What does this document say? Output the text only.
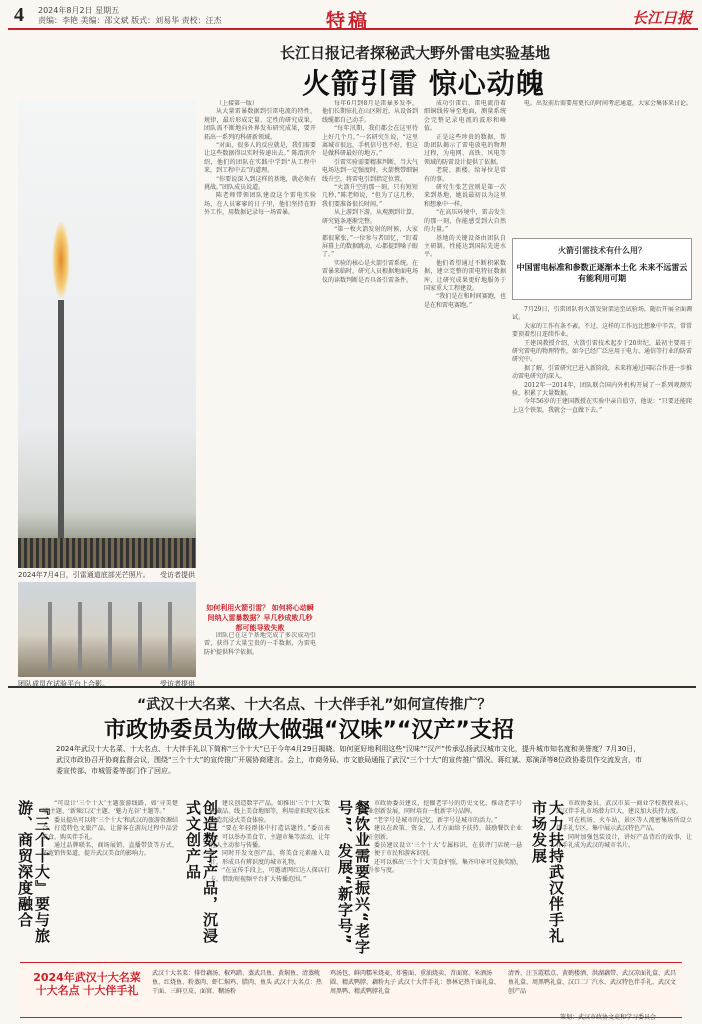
4 2024年8月2日 星期五
责编：李艳 美编：邵文斌 版式：刘易华 责校：汪杰	特稿	长江日报
长江日报记者探秘武大野外雷电实验基地
火箭引雷 惊心动魄
2024年7月4日，引雷通道底部光芒照片。 受访者提供
团队成员在试验平台上合影。	受访者提供

（上接第一版）

从大量雷暴数据到引雷电流的特性、规律，最后形成定量、定性的研究成果，团队需不断地向外界发布研究成果，要开拓出一系列的科研新领域。

“对面，很多人的反应就是，我们需要让这些数据得以实时传递出去。” 陈渭滨介绍，他们的团队在实践中学到“从工程中来，到工程中去”的道理。

“你要说深入到这样的基地，就必须有挑战。”团队成员说道。

陈老师带领团队建设这个雷电实验场，在人员寥寥的日子里，他们坚持在野外工作，用数据记录每一场雷暴。

如何利用火箭引雷？ 如何将心动瞬间纳入雷暴数据？早几秒成败几秒都可能导致失败

团队已在这个基地完成了多次成功引雷，获得了大量宝贵的一手数据，为雷电防护提供科学依据。

每年6月到8月是雷暴多发季，他们长期驻扎在山区附近，从设备到线缆都自己动手。

“每年汛期，我们都会在这里待上好几个月，”一名研究生说，“这里离城市很远，手机信号也不好，但这是做科研最好的地方。”

引雷实验需要精准判断，当大气电场达到一定强度时，火箭携带细铜线升空，将雷电引到指定位置。

“火箭升空的那一刻，只有短短几秒，”陈老师说，“但为了这几秒，我们要准备很长时间。”

从上游到下游，从观测到计算，研究链条逐渐完整。

“第一枚火箭发射的时候，大家都很紧张，”一位参与者回忆，“盯着屏幕上的数据跳动，心都提到嗓子眼了。”

实验的核心是火箭引雷系统。在雷暴来临时，研究人员根据地面电场仪的读数判断是否具备引雷条件。

成功引雷后，雷电流沿着细铜线传导至地面，测量系统会完整记录电流的波形和峰值。

正是这些珍贵的数据，帮助团队揭示了雷电放电的物理过程，为电网、高铁、风电等领域的防雷设计提供了依据。

老院、新楼，给导位是常有的事。

研究生张艺萱则是第一次来到基地，她说最初以为这里和想象中一样。

“在高压环境中，雷击发生的那一刻，你能感受到大自然的力量。”

基地的关键设备由团队自主研制，性能达到国际先进水平。

他们希望通过不断积累数据，建立完整的雷电特征数据库，让研究成果更好地服务于国家重大工程建设。

“我们是在和时间赛跑，也是在和雷电赛跑。”

电。出发前后需要用更长的时间考虑通道，大家会集体来讨论。

火箭引雷技术有什么用？
中国雷电标准和参数正逐渐本土化 未来不远雷云有能利用可期

7月29日，引雷团队将火箭发射架运至试验场，随后开展全面调试。

大家的工作有条不紊。不过，这样的工作远比想象中辛苦，常常要顶着烈日连续作业。

王建国教授介绍，火箭引雷技术起步于20世纪，最初主要用于研究雷电的物理特性，如今已经广泛应用于电力、通信等行业的防雷研究中。

据了解，引雷研究已进入新阶段，未来将通过国际合作进一步推动雷电研究的深入。

2012年一2014年，团队联合国内外机构开展了一系列观测实验，积累了大量数据。

今年56岁的王建国教授在实验中亲自值守，他说：“只要还能爬上这个铁架，我就会一直做下去。”

“武汉十大名菜、十大名点、十大伴手礼”如何宣传推广？
市政协委员为做大做强“汉味”“汉产”支招
2024年武汉十大名菜、十大名点、十大伴手礼以下简称“三个十大”已于今年4月29日揭晓。如何更好地利用这些“汉味”“汉产”传承弘扬武汉城市文化，提升城市知名度和美誉度？7月30日，武汉市政协召开协商监督会议，围绕“三个十大”的宣传推广开展协商建言。会上，市商务局、市文旅局通报了武汉“三个十大”的宣传推广情况。蒋红斌、郑演泽等8位政协委员作交流发言，市委宣传部、市城管委等部门作了回应。
『三个十大』要与旅游、商贸深度融合	“可设计‘三个十大’主题旅游线路，如‘寻美楚城’主题、‘新辣江汉’主题、‘魅力光谷’主题等。”

委员提出可以将‘三个十大’和武汉的旅游资源结合，打造特色文旅产品，让游客在游玩过程中品尝美食、购买伴手礼。

通过品牌联名、商场展销、直播带货等方式，拓宽销售渠道，提升武汉美食的影响力。	创造数字产品，沉浸式文创产品	建议创造数字产品，如推出‘三个十大’数字藏品、线上美食地图等，利用虚拟现实技术打造沉浸式美食体验。

“要在年轻群体中打造话题性。”委员表示，可以举办美食节、主题市集等活动，让年轻人主动参与传播。

同时开发文创产品，将美食元素融入设计，形成具有辨识度的城市礼物。

“在宣传手段上，可邀请网红达人探店打卡，借助短视频平台扩大传播范围。”	餐饮业需要振兴“老字号”、发展“新字号”	市政协委员建议，挖掘老字号的历史文化，推动老字号企业创新发展，同时培育一批新字号品牌。

“老字号是城市的记忆，新字号是城市的活力。”

建议在政策、资金、人才方面给予扶持，鼓励餐饮企业守正创新。

委员建议设立‘三个十大’专属标识，在获评门店统一悬挂，便于市民和游客识别。

还可以推出‘三个十大’美食护照，集齐印章可兑换奖励，提升参与度。	大力扶持武汉伴手礼市场发展	市政协委员、武汉市某一商业学校教授表示，武汉伴手礼市场潜力巨大，建议加大扶持力度。

可在机场、火车站、景区等人流密集场所设立伴手礼专区，集中展示武汉特色产品。

同时加强包装设计，讲好产品背后的故事，让伴手礼成为武汉的城市名片。

2024年武汉十大名菜 十大名点 十大伴手礼
武汉十大名菜：排骨藕汤、椒鸡踏、蒸武昌鱼、黄焖鱼、清蒸鱿鱼、红烧鱼、粉蒸肉、虾仁焖鸡、腊肉、鱼头 武汉十大名点：热干面、三鲜豆皮、面窝、糊汤粉
鸡汤包、鲜肉糯米烧麦、炸酱面、重油烧卖、苕面窝、米酒汤圆、精武鸭脖、藕粉丸子 武汉十大伴手礼：蔡林记热干面礼盒、周黑鸭、精武鸭脖礼盒
清香、汪玉霞糕点、黄鹤楼酒、洪湖藕带、武汉凉面礼盒、武昌鱼礼盒、周黑鸭礼盒、汉口二厂汽水、武汉特色伴手礼、武汉文创产品
策划：武汉市政协文史和学习委员会
